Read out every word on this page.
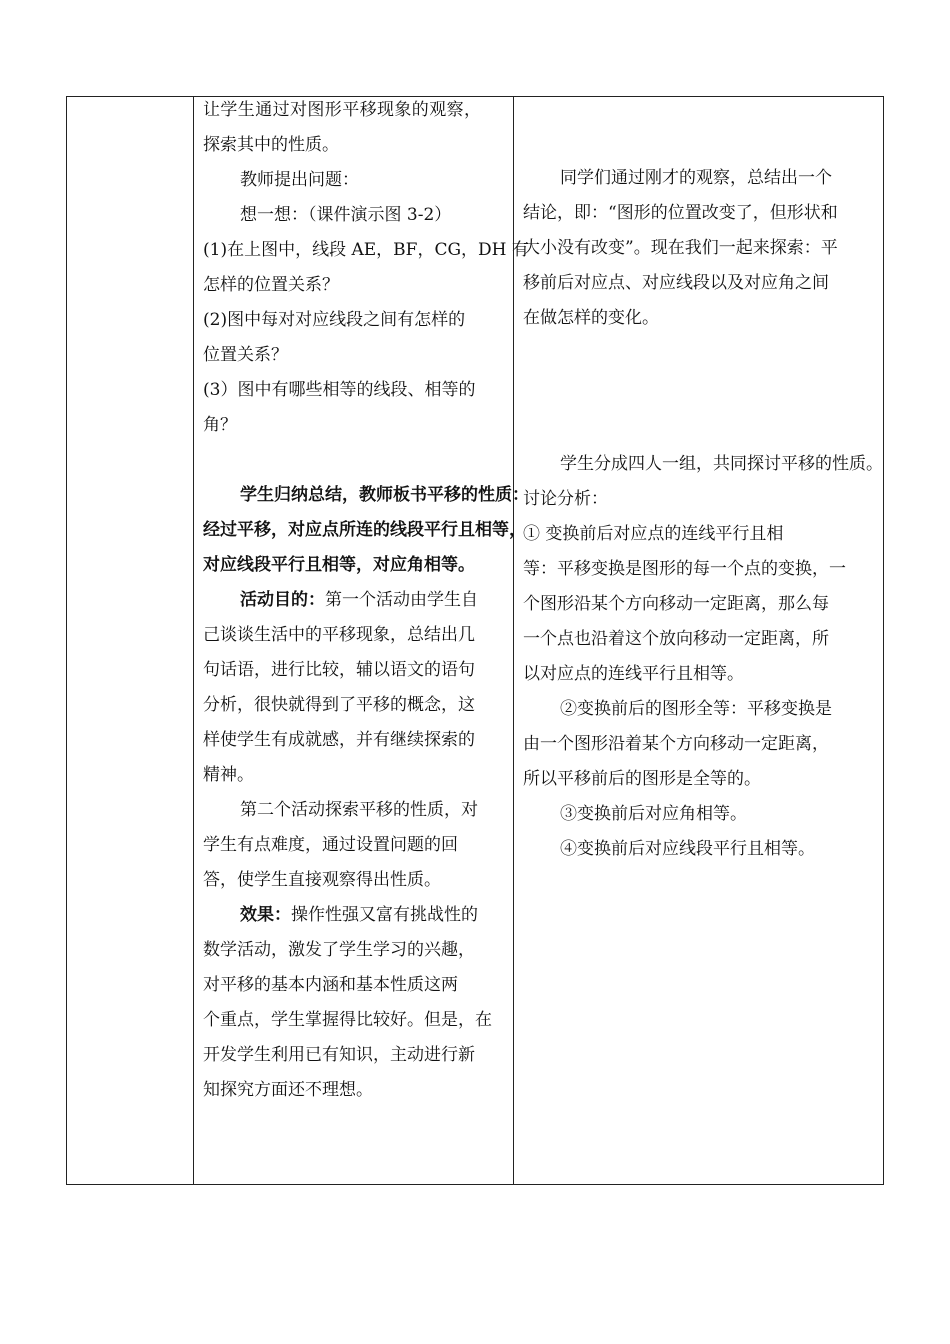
让学生通过对图形平移现象的观察，

探索其中的性质。

教师提出问题：

想一想：（课件演示图 3-2）

(1)在上图中，线段 AE，BF，CG，DH 有

怎样的位置关系？

(2)图中每对对应线段之间有怎样的

位置关系？

(3）图中有哪些相等的线段、相等的

角？

学生归纳总结，教师板书平移的性质：

经过平移，对应点所连的线段平行且相等，

对应线段平行且相等，对应角相等。

活动目的：第一个活动由学生自

己谈谈生活中的平移现象，总结出几

句话语，进行比较，辅以语文的语句

分析，很快就得到了平移的概念，这

样使学生有成就感，并有继续探索的

精神。

第二个活动探索平移的性质，对

学生有点难度，通过设置问题的回

答，使学生直接观察得出性质。

效果：操作性强又富有挑战性的

数学活动，激发了学生学习的兴趣，

对平移的基本内涵和基本性质这两

个重点，学生掌握得比较好。但是，在

开发学生利用已有知识，主动进行新

知探究方面还不理想。

同学们通过刚才的观察，总结出一个

结论，即：“图形的位置改变了，但形状和

大小没有改变”。现在我们一起来探索：平

移前后对应点、对应线段以及对应角之间

在做怎样的变化。

学生分成四人一组，共同探讨平移的性质。

讨论分析：

① 变换前后对应点的连线平行且相

等：平移变换是图形的每一个点的变换，一

个图形沿某个方向移动一定距离，那么每

一个点也沿着这个放向移动一定距离，所

以对应点的连线平行且相等。

②变换前后的图形全等：平移变换是

由一个图形沿着某个方向移动一定距离，

所以平移前后的图形是全等的。

③变换前后对应角相等。

④变换前后对应线段平行且相等。
